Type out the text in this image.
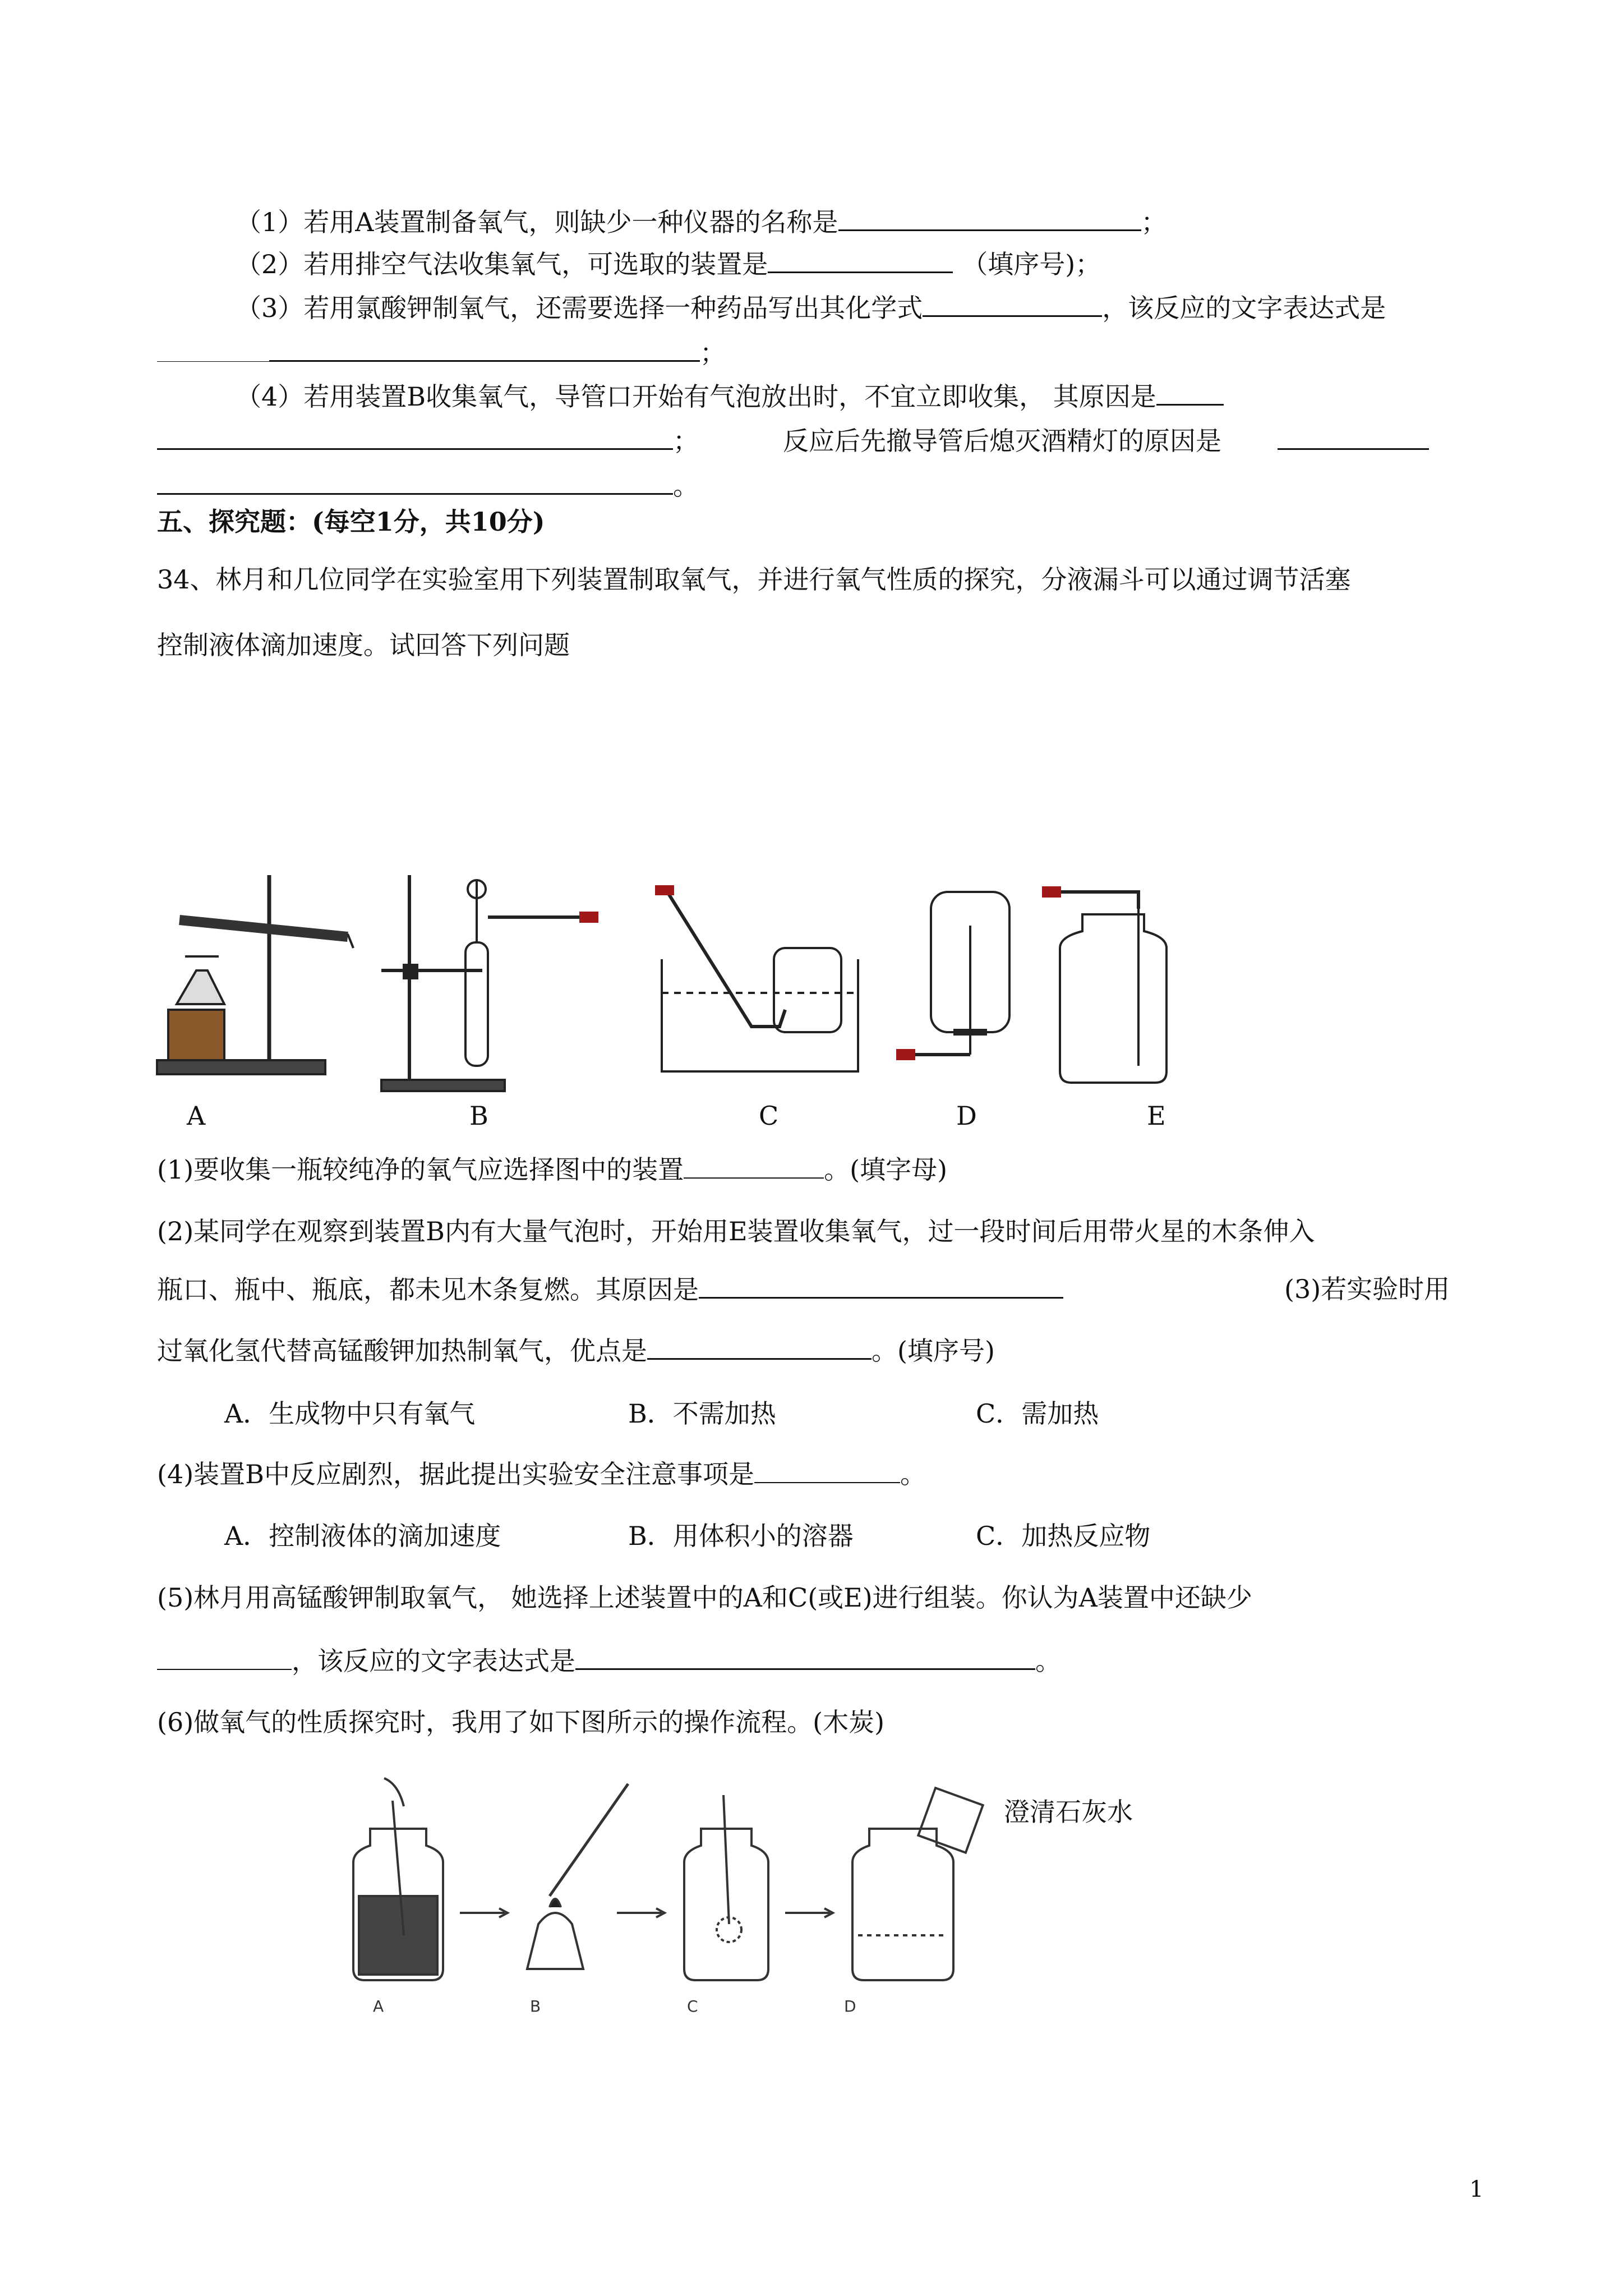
（1）若用A装置制备氧气，则缺少一种仪器的名称是	；
（2）若用排空气法收集氧气，可选取的装置是	（填序号)；
（3）若用氯酸钾制氧气，还需要选择一种药品写出其化学式	，该反应的文字表达式是
；
（4）若用装置B收集氧气，导管口开始有气泡放出时，不宜立即收集， 其原因是
；	反应后先撤导管后熄灭酒精灯的原因是
。
五、探究题：(每空1分，共10分)
34、林月和几位同学在实验室用下列装置制取氧气，并进行氧气性质的探究，分液漏斗可以通过调节活塞
控制液体滴加速度。试回答下列问题
A	B	C	D	E
(1)要收集一瓶较纯净的氧气应选择图中的装置	。(填字母)
(2)某同学在观察到装置B内有大量气泡时，开始用E装置收集氧气，过一段时间后用带火星的木条伸入
瓶口、瓶中、瓶底，都未见木条复燃。其原因是	(3)若实验时用
过氧化氢代替高锰酸钾加热制氧气，优点是	。(填序号)
A．生成物中只有氧气	B．不需加热	C．需加热
(4)装置B中反应剧烈，据此提出实验安全注意事项是	。
A．控制液体的滴加速度	B．用体积小的溶器	C．加热反应物
(5)林月用高锰酸钾制取氧气， 她选择上述装置中的A和C(或E)进行组装。你认为A装置中还缺少
，该反应的文字表达式是	。
(6)做氧气的性质探究时，我用了如下图所示的操作流程。(木炭)
A	B	C	D
澄清石灰水
1
